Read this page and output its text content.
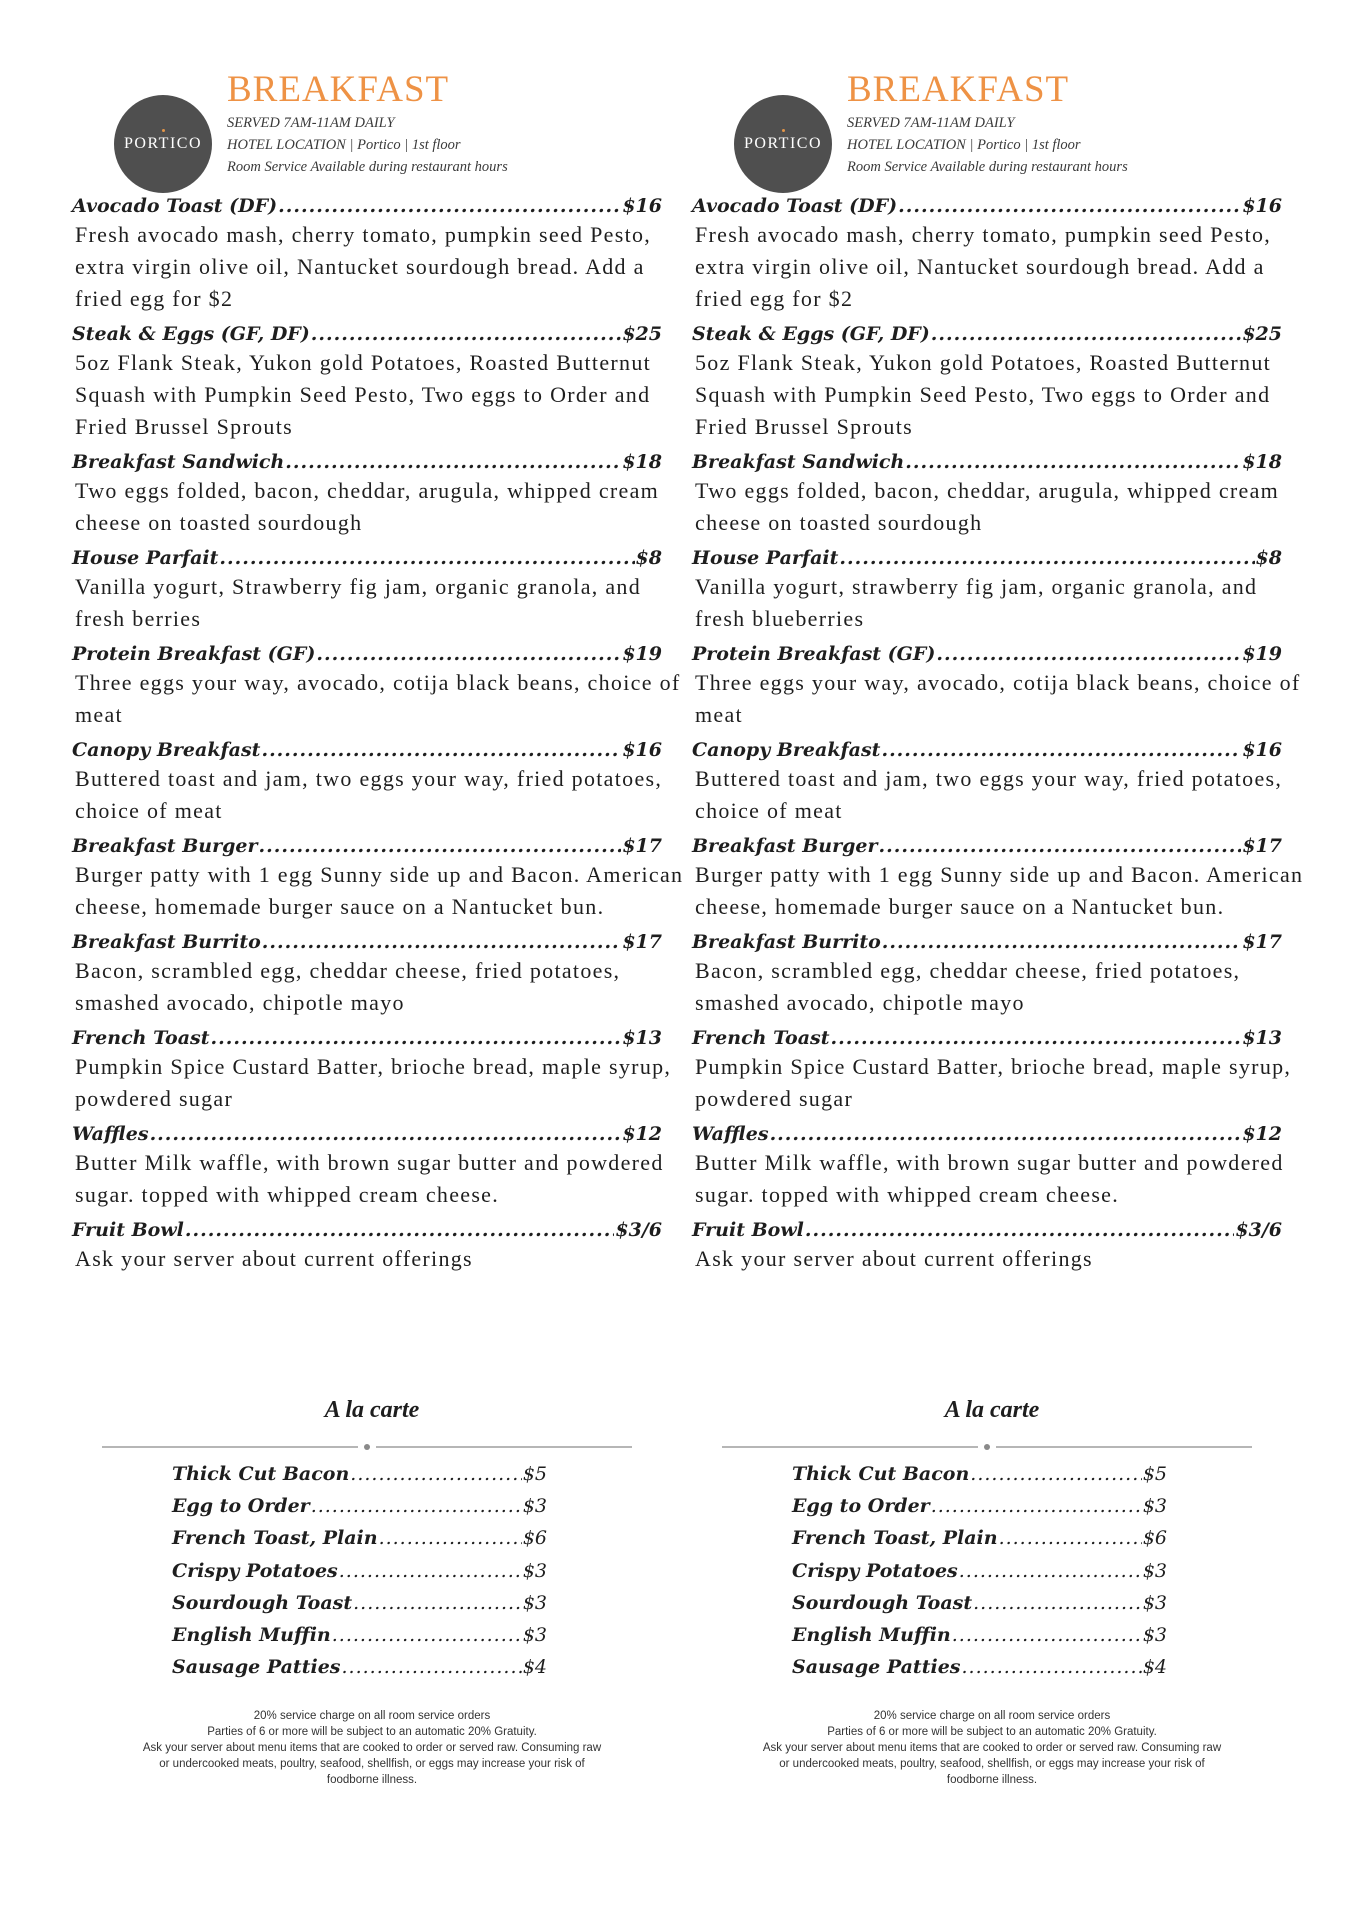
PORTICO
BREAKFAST
SERVED 7AM-11AM DAILY
HOTEL LOCATION | Portico | 1st floor
Room Service Available during restaurant hours
Avocado Toast (DF) .....	$16
Fresh avocado mash, cherry tomato, pumpkin seed Pesto, extra virgin olive oil, Nantucket sourdough bread. Add a fried egg for $2
Steak & Eggs (GF, DF) .....	$25
5oz Flank Steak, Yukon gold Potatoes, Roasted Butternut Squash with Pumpkin Seed Pesto, Two eggs to Order and Fried Brussel Sprouts
Breakfast Sandwich .....	$18
Two eggs folded, bacon, cheddar, arugula, whipped cream cheese on toasted sourdough
House Parfait .....	$8
Vanilla yogurt, Strawberry fig jam, organic granola, and fresh berries
Protein Breakfast (GF) .....	$19
Three eggs your way, avocado, cotija black beans, choice of meat
Canopy Breakfast .....	$16
Buttered toast and jam, two eggs your way, fried potatoes, choice of meat
Breakfast Burger .....	$17
Burger patty with 1 egg Sunny side up and Bacon. American cheese, homemade burger sauce on a Nantucket bun.
Breakfast Burrito .....	$17
Bacon, scrambled egg, cheddar cheese, fried potatoes, smashed avocado, chipotle mayo
French Toast .....	$13
Pumpkin Spice Custard Batter, brioche bread, maple syrup, powdered sugar
Waffles .....	$12
Butter Milk waffle, with brown sugar butter and powdered sugar. topped with whipped cream cheese.
Fruit Bowl .....	$3/6
Ask your server about current offerings
A la carte
Thick Cut Bacon .....	$5
Egg to Order .....	$3
French Toast, Plain .....	$6
Crispy Potatoes .....	$3
Sourdough Toast .....	$3
English Muffin .....	$3
Sausage Patties .....	$4
20% service charge on all room service orders
Parties of 6 or more will be subject to an automatic 20% Gratuity.
Ask your server about menu items that are cooked to order or served raw. Consuming raw
or undercooked meats, poultry, seafood, shellfish, or eggs may increase your risk of
foodborne illness.
PORTICO
BREAKFAST
SERVED 7AM-11AM DAILY
HOTEL LOCATION | Portico | 1st floor
Room Service Available during restaurant hours
Avocado Toast (DF) .....	$16
Fresh avocado mash, cherry tomato, pumpkin seed Pesto, extra virgin olive oil, Nantucket sourdough bread. Add a fried egg for $2
Steak & Eggs (GF, DF) .....	$25
5oz Flank Steak, Yukon gold Potatoes, Roasted Butternut Squash with Pumpkin Seed Pesto, Two eggs to Order and Fried Brussel Sprouts
Breakfast Sandwich .....	$18
Two eggs folded, bacon, cheddar, arugula, whipped cream cheese on toasted sourdough
House Parfait .....	$8
Vanilla yogurt, strawberry fig jam, organic granola, and fresh blueberries
Protein Breakfast (GF) .....	$19
Three eggs your way, avocado, cotija black beans, choice of meat
Canopy Breakfast .....	$16
Buttered toast and jam, two eggs your way, fried potatoes, choice of meat
Breakfast Burger .....	$17
Burger patty with 1 egg Sunny side up and Bacon. American cheese, homemade burger sauce on a Nantucket bun.
Breakfast Burrito .....	$17
Bacon, scrambled egg, cheddar cheese, fried potatoes, smashed avocado, chipotle mayo
French Toast .....	$13
Pumpkin Spice Custard Batter, brioche bread, maple syrup, powdered sugar
Waffles .....	$12
Butter Milk waffle, with brown sugar butter and powdered sugar. topped with whipped cream cheese.
Fruit Bowl .....	$3/6
Ask your server about current offerings
A la carte
Thick Cut Bacon .....	$5
Egg to Order .....	$3
French Toast, Plain .....	$6
Crispy Potatoes .....	$3
Sourdough Toast .....	$3
English Muffin .....	$3
Sausage Patties .....	$4
20% service charge on all room service orders
Parties of 6 or more will be subject to an automatic 20% Gratuity.
Ask your server about menu items that are cooked to order or served raw. Consuming raw
or undercooked meats, poultry, seafood, shellfish, or eggs may increase your risk of
foodborne illness.
